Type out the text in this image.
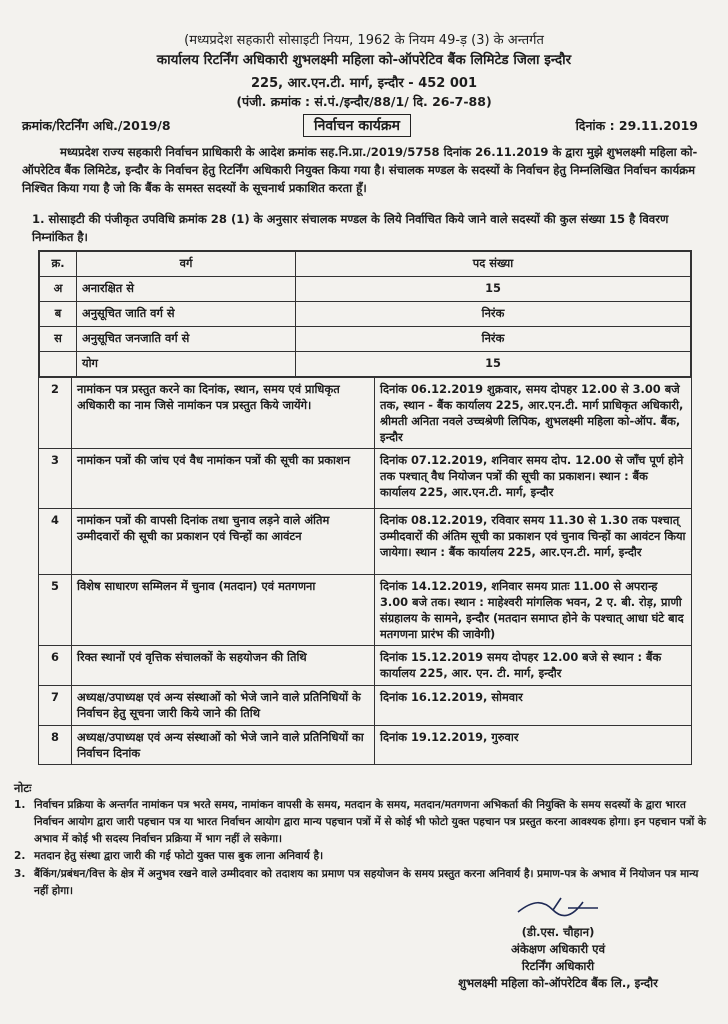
(मध्यप्रदेश सहकारी सोसाइटी नियम, 1962 के नियम 49-ड़ (3) के अन्तर्गत
कार्यालय रिटर्निंग अधिकारी शुभलक्ष्मी महिला को-ऑपरेटिव बैंक लिमिटेड जिला इन्दौर
225, आर.एन.टी. मार्ग, इन्दौर - 452 001
(पंजी. क्रमांक : सं.पं./इन्दौर/88/1/ दि. 26-7-88)
क्रमांक/रिटर्निंग अधि./2019/8	निर्वाचन कार्यक्रम	दिनांक : 29.11.2019
मध्यप्रदेश राज्य सहकारी निर्वाचन प्राधिकारी के आदेश क्रमांक सह.नि.प्रा./2019/5758 दिनांक 26.11.2019 के द्वारा मुझे शुभलक्ष्मी महिला को-ऑपरेटिव बैंक लिमिटेड, इन्दौर के निर्वाचन हेतु रिटर्निंग अधिकारी नियुक्त किया गया है। संचालक मण्डल के सदस्यों के निर्वाचन हेतु निम्नलिखित निर्वाचन कार्यक्रम निश्चित किया गया है जो कि बैंक के समस्त सदस्यों के सूचनार्थ प्रकाशित करता हूँ।
1. सोसाइटी की पंजीकृत उपविधि क्रमांक 28 (1) के अनुसार संचालक मण्डल के लिये निर्वाचित किये जाने वाले सदस्यों की कुल संख्या 15 है विवरण निम्नांकित है।
क्र.	वर्ग	पद संख्या
अ	अनारक्षित से	15
ब	अनुसूचित जाति वर्ग से	निरंक
स	अनुसूचित जनजाति वर्ग से	निरंक
	योग	15

2	नामांकन पत्र प्रस्तुत करने का दिनांक, स्थान, समय एवं प्राधिकृत अधिकारी का नाम जिसे नामांकन पत्र प्रस्तुत किये जायेंगे।	दिनांक 06.12.2019 शुक्रवार, समय दोपहर 12.00 से 3.00 बजे तक, स्थान - बैंक कार्यालय 225, आर.एन.टी. मार्ग प्राधिकृत अधिकारी, श्रीमती अनिता नवले उच्चश्रेणी लिपिक, शुभलक्ष्मी महिला को-ऑप. बैंक, इन्दौर
3	नामांकन पत्रों की जांच एवं वैध नामांकन पत्रों की सूची का प्रकाशन	दिनांक 07.12.2019, शनिवार समय दोप. 12.00 से जाँच पूर्ण होने तक पश्चात् वैध नियोजन पत्रों की सूची का प्रकाशन। स्थान : बैंक कार्यालय 225, आर.एन.टी. मार्ग, इन्दौर
4	नामांकन पत्रों की वापसी दिनांक तथा चुनाव लड़ने वाले अंतिम उम्मीदवारों की सूची का प्रकाशन एवं चिन्हों का आवंटन	दिनांक 08.12.2019, रविवार समय 11.30 से 1.30 तक पश्चात् उम्मीदवारों की अंतिम सूची का प्रकाशन एवं चुनाव चिन्हों का आवंटन किया जायेगा। स्थान : बैंक कार्यालय 225, आर.एन.टी. मार्ग, इन्दौर
5	विशेष साधारण सम्मिलन में चुनाव (मतदान) एवं मतगणना	दिनांक 14.12.2019, शनिवार समय प्रातः 11.00 से अपरान्ह 3.00 बजे तक। स्थान : माहेश्वरी मांगलिक भवन, 2 ए. बी. रोड़, प्राणी संग्रहालय के सामने, इन्दौर (मतदान समाप्त होने के पश्चात् आधा घंटे बाद मतगणना प्रारंभ की जावेगी)
6	रिक्त स्थानों एवं वृत्तिक संचालकों के सहयोजन की तिथि	दिनांक 15.12.2019 समय दोपहर 12.00 बजे से स्थान : बैंक कार्यालय 225, आर. एन. टी. मार्ग, इन्दौर
7	अध्यक्ष/उपाध्यक्ष एवं अन्य संस्थाओं को भेजे जाने वाले प्रतिनिधियों के निर्वाचन हेतु सूचना जारी किये जाने की तिथि	दिनांक 16.12.2019, सोमवार
8	अध्यक्ष/उपाध्यक्ष एवं अन्य संस्थाओं को भेजे जाने वाले प्रतिनिधियों का निर्वाचन दिनांक	दिनांक 19.12.2019, गुरुवार
नोटः
1. निर्वाचन प्रक्रिया के अन्तर्गत नामांकन पत्र भरते समय, नामांकन वापसी के समय, मतदान के समय, मतदान/मतगणना अभिकर्ता की नियुक्ति के समय सदस्यों के द्वारा भारत निर्वाचन आयोग द्वारा जारी पहचान पत्र या भारत निर्वाचन आयोग द्वारा मान्य पहचान पत्रों में से कोई भी फोटो युक्त पहचान पत्र प्रस्तुत करना आवश्यक होगा। इन पहचान पत्रों के अभाव में कोई भी सदस्य निर्वाचन प्रक्रिया में भाग नहीं ले सकेगा।
2. मतदान हेतु संस्था द्वारा जारी की गई फोटो युक्त पास बुक लाना अनिवार्य है।
3. बैंकिंग/प्रबंधन/वित्त के क्षेत्र में अनुभव रखने वाले उम्मीदवार को तदाशय का प्रमाण पत्र सहयोजन के समय प्रस्तुत करना अनिवार्य है। प्रमाण-पत्र के अभाव में नियोजन पत्र मान्य नहीं होगा।
(डी.एस. चौहान)
अंकेक्षण अधिकारी एवं
रिटर्निंग अधिकारी
शुभलक्ष्मी महिला को-ऑपरेटिव बैंक लि., इन्दौर
